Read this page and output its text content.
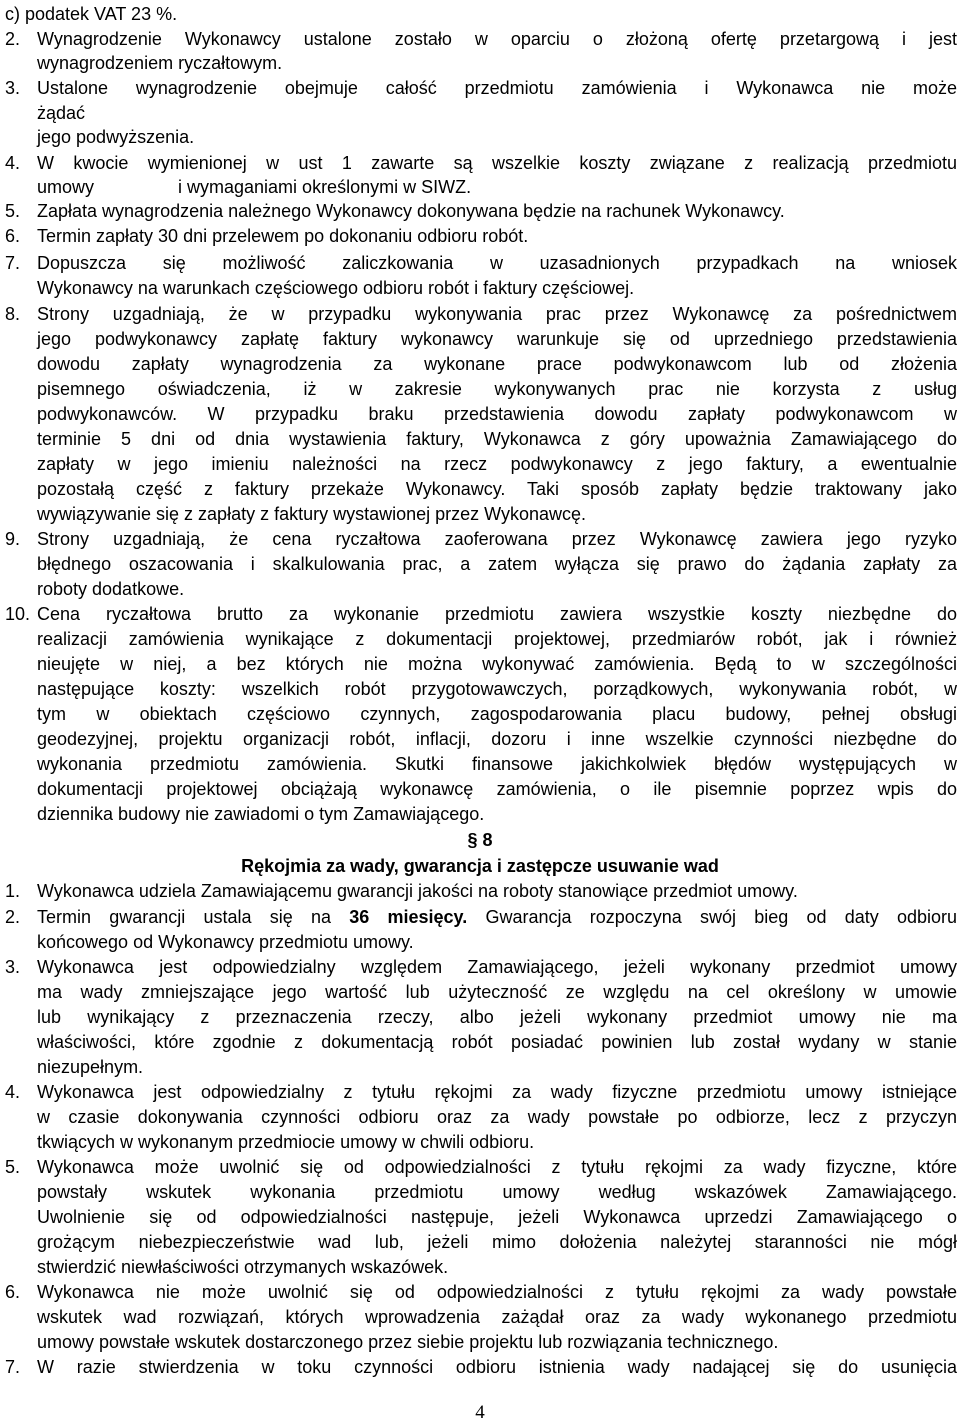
c) podatek VAT 23 %.
2. Wynagrodzenie Wykonawcy ustalone zostało w oparciu o złożoną ofertę przetargową i jest
wynagrodzeniem ryczałtowym.
3. Ustalone wynagrodzenie obejmuje całość przedmiotu zamówienia i Wykonawca nie może
żądać
jego podwyższenia.
4. W kwocie wymienionej w ust 1 zawarte są wszelkie koszty związane z realizacją przedmiotu
umowy	i wymaganiami określonymi w SIWZ.
5. Zapłata wynagrodzenia należnego Wykonawcy dokonywana będzie na rachunek Wykonawcy.
6. Termin zapłaty 30 dni przelewem po dokonaniu odbioru robót.
7. Dopuszcza się możliwość zaliczkowania w uzasadnionych przypadkach na wniosek
Wykonawcy na warunkach częściowego odbioru robót i faktury częściowej.
8. Strony uzgadniają, że w przypadku wykonywania prac przez Wykonawcę za pośrednictwem
jego podwykonawcy zapłatę faktury wykonawcy warunkuje się od uprzedniego przedstawienia
dowodu zapłaty wynagrodzenia za wykonane prace podwykonawcom lub od złożenia
pisemnego oświadczenia, iż w zakresie wykonywanych prac nie korzysta z usług
podwykonawców. W przypadku braku przedstawienia dowodu zapłaty podwykonawcom w
terminie 5 dni od dnia wystawienia faktury, Wykonawca z góry upoważnia Zamawiającego do
zapłaty w jego imieniu należności na rzecz podwykonawcy z jego faktury, a ewentualnie
pozostałą część z faktury przekaże Wykonawcy. Taki sposób zapłaty będzie traktowany jako
wywiązywanie się z zapłaty z faktury wystawionej przez Wykonawcę.
9. Strony uzgadniają, że cena ryczałtowa zaoferowana przez Wykonawcę zawiera jego ryzyko
błędnego oszacowania i skalkulowania prac, a zatem wyłącza się prawo do żądania zapłaty za
roboty dodatkowe.
10. Cena ryczałtowa brutto za wykonanie przedmiotu zawiera wszystkie koszty niezbędne do
realizacji zamówienia wynikające z dokumentacji projektowej, przedmiarów robót, jak i również
nieujęte w niej, a bez których nie można wykonywać zamówienia. Będą to w szczególności
następujące koszty: wszelkich robót przygotowawczych, porządkowych, wykonywania robót, w
tym w obiektach częściowo czynnych, zagospodarowania placu budowy, pełnej obsługi
geodezyjnej, projektu organizacji robót, inflacji, dozoru i inne wszelkie czynności niezbędne do
wykonania przedmiotu zamówienia. Skutki finansowe jakichkolwiek błędów występujących w
dokumentacji projektowej obciążają wykonawcę zamówienia, o ile pisemnie poprzez wpis do
dziennika budowy nie zawiadomi o tym Zamawiającego.
§ 8
Rękojmia za wady, gwarancja i zastępcze usuwanie wad
1. Wykonawca udziela Zamawiającemu gwarancji jakości na roboty stanowiące przedmiot umowy.
2. Termin gwarancji ustala się na 36 miesięcy. Gwarancja rozpoczyna swój bieg od daty odbioru
końcowego od Wykonawcy przedmiotu umowy.
3. Wykonawca jest odpowiedzialny względem Zamawiającego, jeżeli wykonany przedmiot umowy
ma wady zmniejszające jego wartość lub użyteczność ze względu na cel określony w umowie
lub wynikający z przeznaczenia rzeczy, albo jeżeli wykonany przedmiot umowy nie ma
właściwości, które zgodnie z dokumentacją robót posiadać powinien lub został wydany w stanie
niezupełnym.
4. Wykonawca jest odpowiedzialny z tytułu rękojmi za wady fizyczne przedmiotu umowy istniejące
w czasie dokonywania czynności odbioru oraz za wady powstałe po odbiorze, lecz z przyczyn
tkwiących w wykonanym przedmiocie umowy w chwili odbioru.
5. Wykonawca może uwolnić się od odpowiedzialności z tytułu rękojmi za wady fizyczne, które
powstały wskutek wykonania przedmiotu umowy według wskazówek Zamawiającego.
Uwolnienie się od odpowiedzialności następuje, jeżeli Wykonawca uprzedzi Zamawiającego o
grożącym niebezpieczeństwie wad lub, jeżeli mimo dołożenia należytej staranności nie mógł
stwierdzić niewłaściwości otrzymanych wskazówek.
6. Wykonawca nie może uwolnić się od odpowiedzialności z tytułu rękojmi za wady powstałe
wskutek wad rozwiązań, których wprowadzenia zażądał oraz za wady wykonanego przedmiotu
umowy powstałe wskutek dostarczonego przez siebie projektu lub rozwiązania technicznego.
7. W razie stwierdzenia w toku czynności odbioru istnienia wady nadającej się do usunięcia
4
